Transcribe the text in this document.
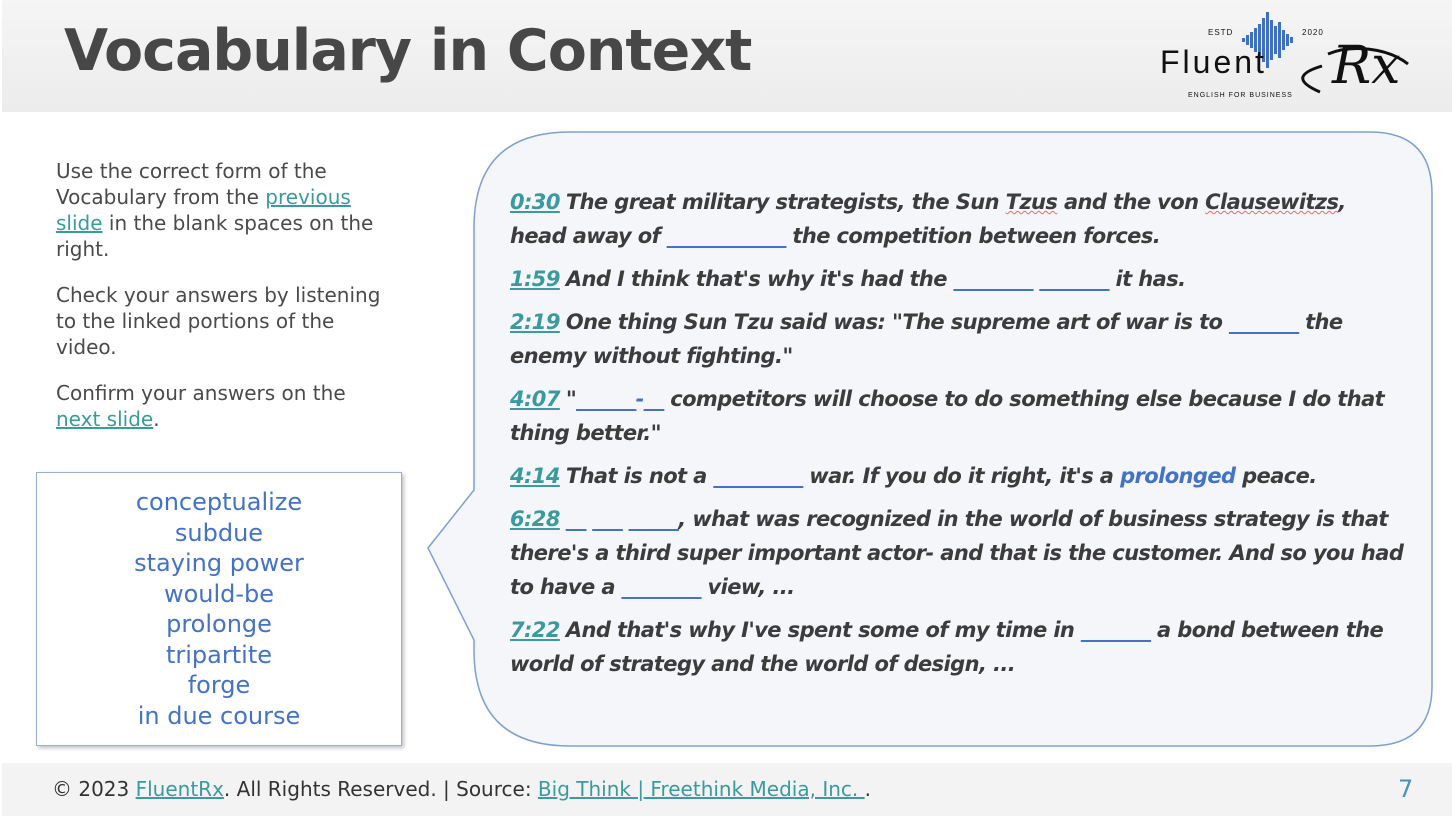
Vocabulary in Context	ESTD	2020
Fluent Rx
ENGLISH FOR BUSINESS

Use the correct form of the Vocabulary from the previous slide in the blank spaces on the right.

Check your answers by listening to the linked portions of the video.

Confirm your answers on the next slide.

conceptualize
subdue
staying power
would-be
prolonge
tripartite
forge
in due course
0:30 The great military strategists, the Sun Tzus and the von Clausewitzs,
head away of ____________ the competition between forces.
1:59 And I think that's why it's had the ________ _______ it has.
2:19 One thing Sun Tzu said was: "The supreme art of war is to _______ the enemy without fighting."
4:07 "______-__ competitors will choose to do something else because I do that thing better."
4:14 That is not a _________ war. If you do it right, it's a prolonged peace.
6:28 __ ___ _____, what was recognized in the world of business strategy is that there's a third super important actor- and that is the customer. And so you had to have a ________ view, ...
7:22 And that's why I've spent some of my time in _______ a bond between the world of strategy and the world of design, ...
© 2023 FluentRx. All Rights Reserved. | Source: Big Think | Freethink Media, Inc. .	7
